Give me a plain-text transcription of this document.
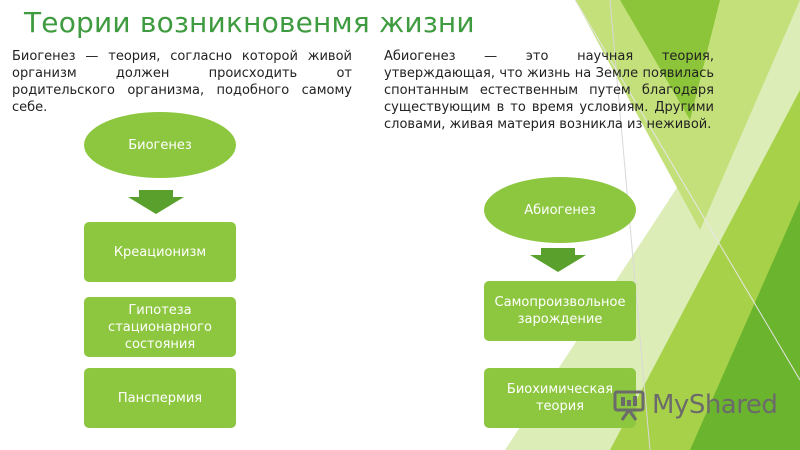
Теории возникновенмя жизни

Биогенез — теория, согласно которой живой организм должен происходить от родительского организма, подобного самому себе.

Абиогенез — это научная теория, утверждающая, что жизнь на Земле появилась спонтанным естественным путем благодаря существующим в то время условиям. Другими словами, живая материя возникла из неживой.

Биогенез
Креационизм
Гипотеза стационарного состояния
Панспермия
Абиогенез
Самопроизвольное зарождение
Биохимическая теория	MyShared
